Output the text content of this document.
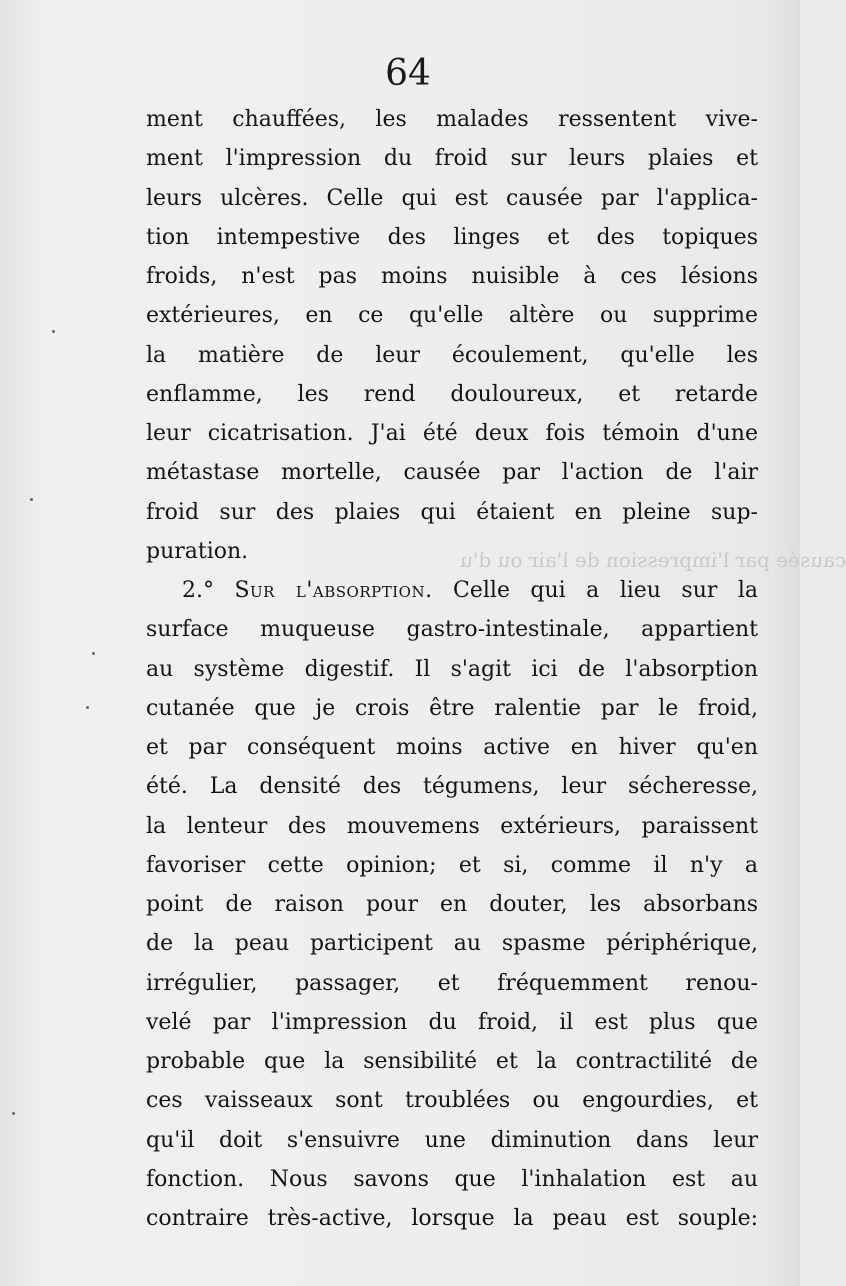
64
causée par l'impression de l'air ou d'u
ment chauffées, les malades ressentent vive-
ment l'impression du froid sur leurs plaies et
leurs ulcères. Celle qui est causée par l'applica-
tion intempestive des linges et des topiques
froids, n'est pas moins nuisible à ces lésions
extérieures, en ce qu'elle altère ou supprime
la matière de leur écoulement, qu'elle les
enflamme, les rend douloureux, et retarde
leur cicatrisation. J'ai été deux fois témoin d'une
métastase mortelle, causée par l'action de l'air
froid sur des plaies qui étaient en pleine sup-
puration.
2.° Sur l'absorption. Celle qui a lieu sur la
surface muqueuse gastro-intestinale, appartient
au système digestif. Il s'agit ici de l'absorption
cutanée que je crois être ralentie par le froid,
et par conséquent moins active en hiver qu'en
été. La densité des tégumens, leur sécheresse,
la lenteur des mouvemens extérieurs, paraissent
favoriser cette opinion; et si, comme il n'y a
point de raison pour en douter, les absorbans
de la peau participent au spasme périphérique,
irrégulier, passager, et fréquemment renou-
velé par l'impression du froid, il est plus que
probable que la sensibilité et la contractilité de
ces vaisseaux sont troublées ou engourdies, et
qu'il doit s'ensuivre une diminution dans leur
fonction. Nous savons que l'inhalation est au
contraire très-active, lorsque la peau est souple:
